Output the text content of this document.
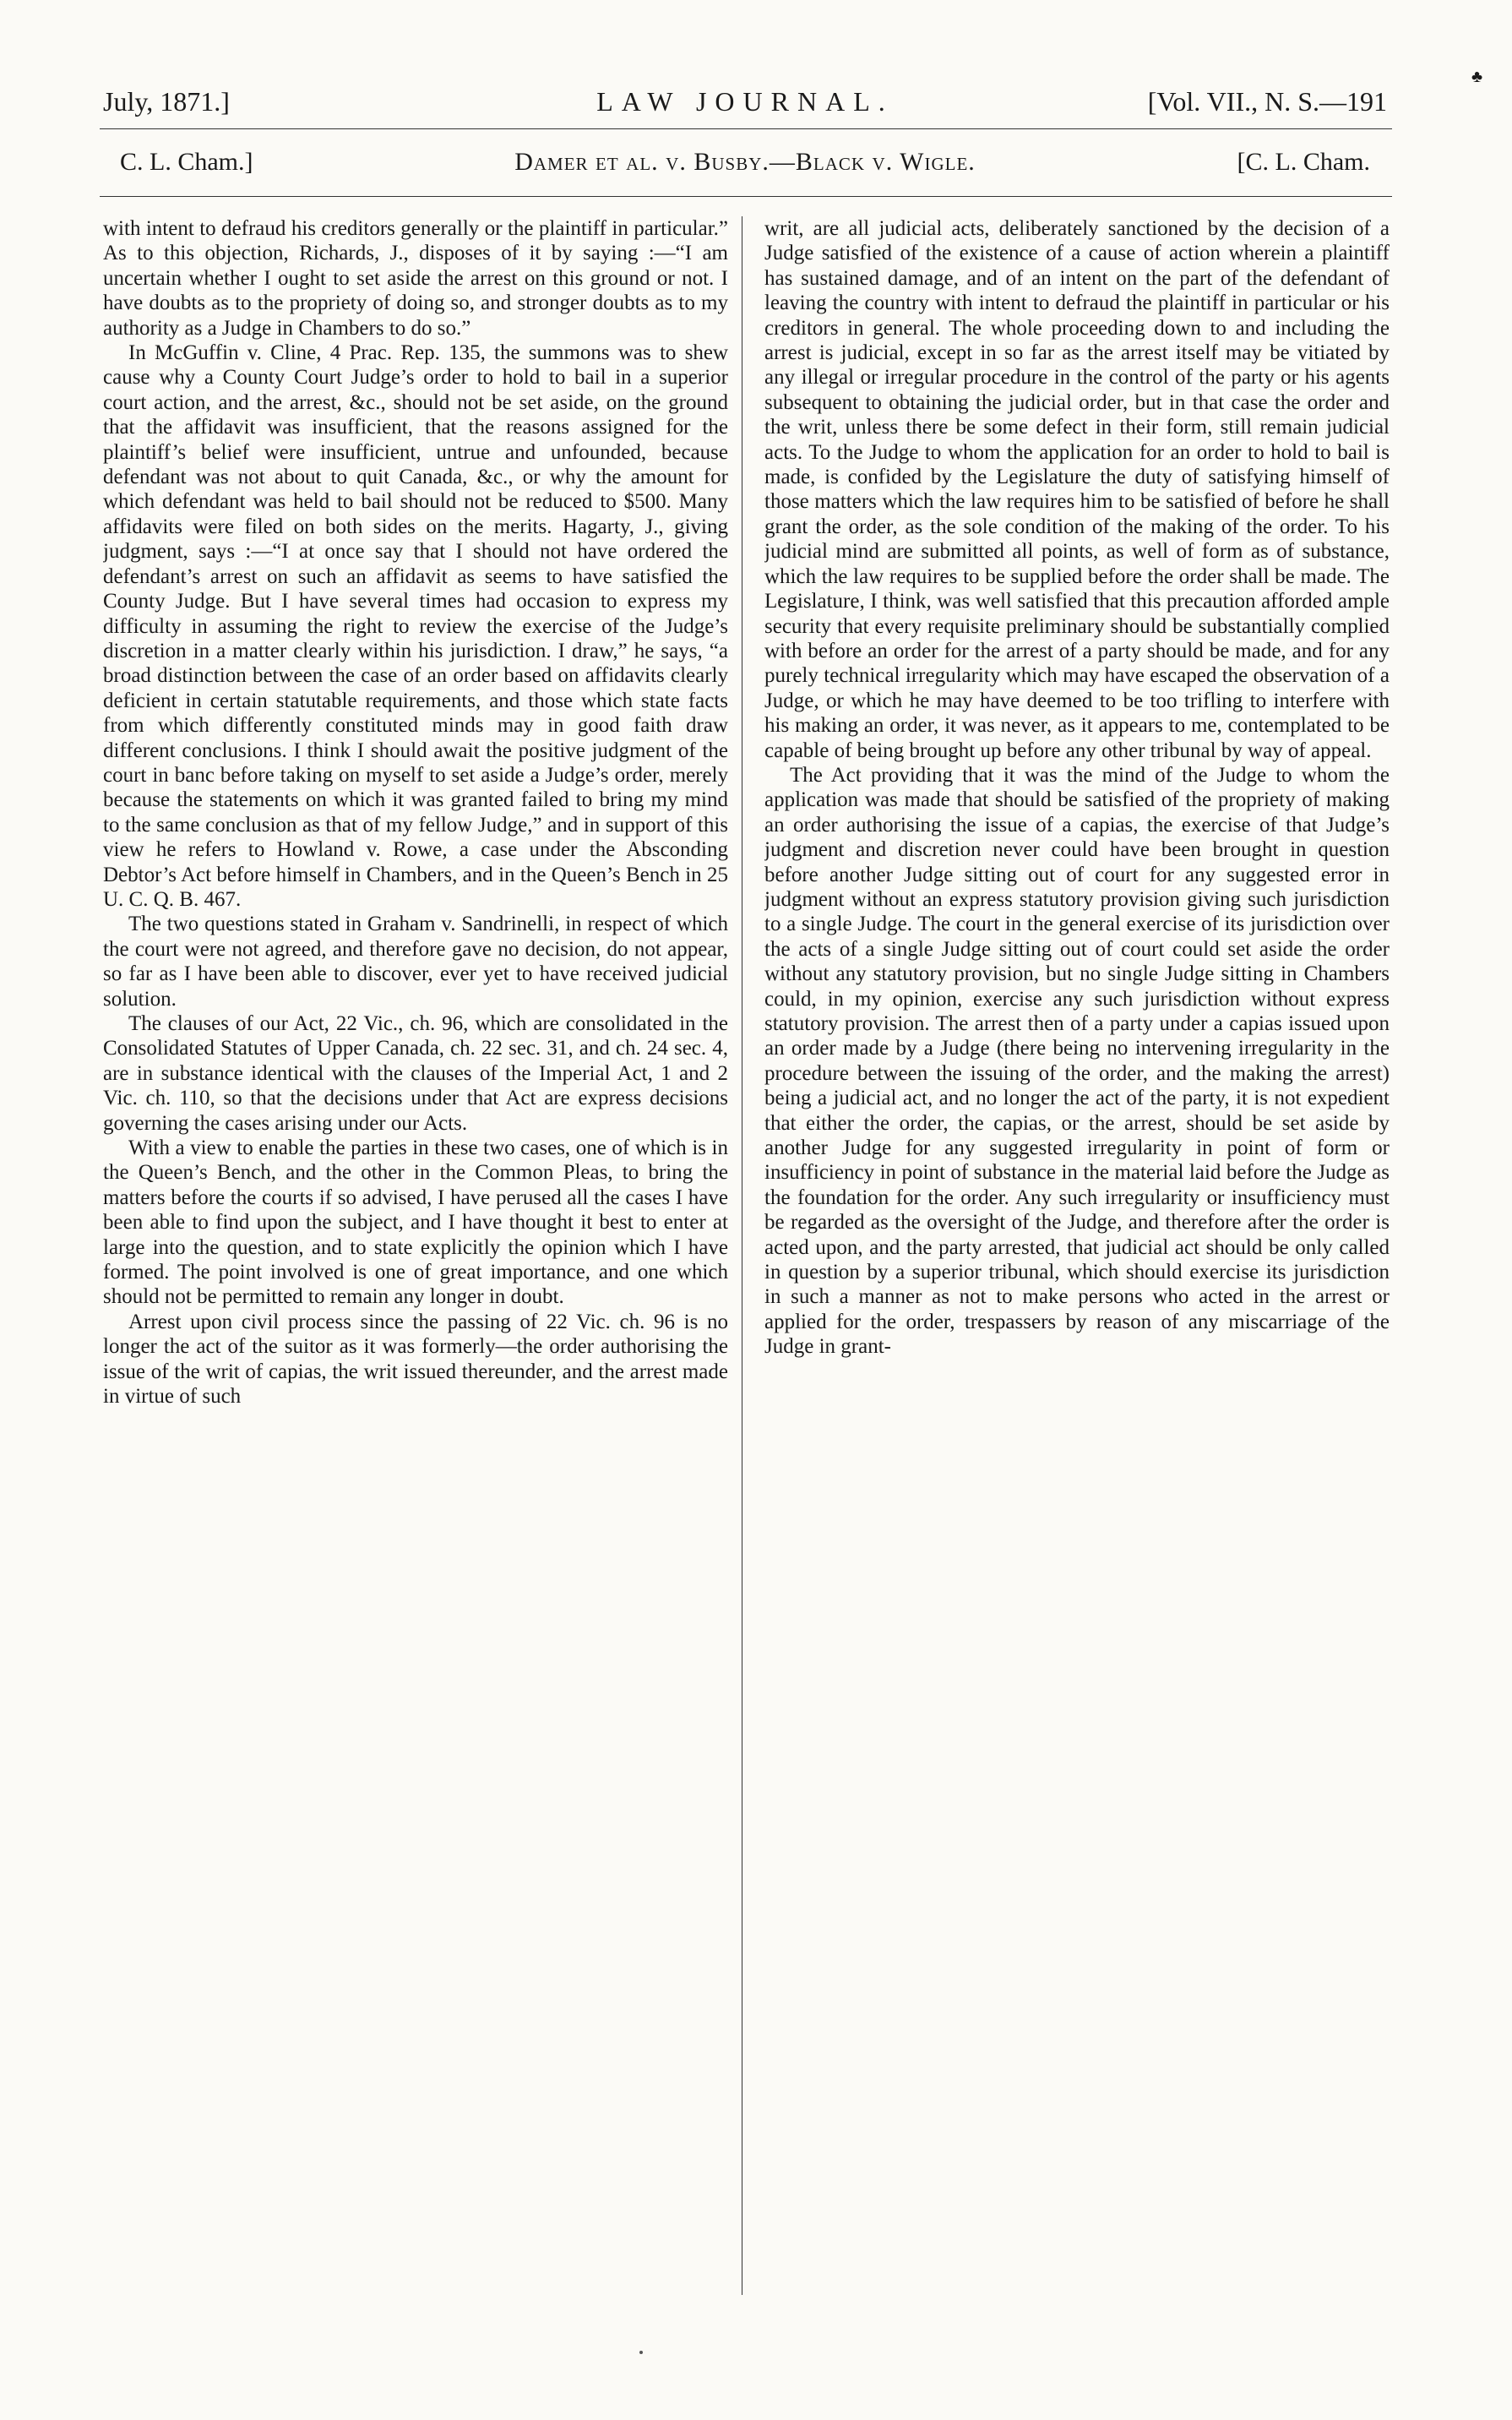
♣
July, 1871.]	LAW JOURNAL.	[Vol. VII., N. S.—191
C. L. Cham.]	Damer et al. v. Busby.—Black v. Wigle.	[C. L. Cham.

with intent to defraud his creditors generally or the plaintiff in particular.” As to this objection, Richards, J., disposes of it by saying :—“I am uncertain whether I ought to set aside the arrest on this ground or not. I have doubts as to the propriety of doing so, and stronger doubts as to my authority as a Judge in Chambers to do so.”

In McGuffin v. Cline, 4 Prac. Rep. 135, the summons was to shew cause why a County Court Judge’s order to hold to bail in a superior court action, and the arrest, &c., should not be set aside, on the ground that the affidavit was insufficient, that the reasons assigned for the plaintiff’s belief were insufficient, untrue and unfounded, because defendant was not about to quit Canada, &c., or why the amount for which defendant was held to bail should not be reduced to $500. Many affidavits were filed on both sides on the merits. Hagarty, J., giving judgment, says :—“I at once say that I should not have ordered the defendant’s arrest on such an affidavit as seems to have satisfied the County Judge. But I have several times had occasion to express my difficulty in assuming the right to review the exercise of the Judge’s discretion in a matter clearly within his jurisdiction. I draw,” he says, “a broad distinction between the case of an order based on affidavits clearly deficient in certain statutable requirements, and those which state facts from which differently constituted minds may in good faith draw different conclusions. I think I should await the positive judgment of the court in banc before taking on myself to set aside a Judge’s order, merely because the statements on which it was granted failed to bring my mind to the same conclusion as that of my fellow Judge,” and in support of this view he refers to Howland v. Rowe, a case under the Absconding Debtor’s Act before himself in Chambers, and in the Queen’s Bench in 25 U. C. Q. B. 467.

The two questions stated in Graham v. Sandrinelli, in respect of which the court were not agreed, and therefore gave no decision, do not appear, so far as I have been able to discover, ever yet to have received judicial solution.

The clauses of our Act, 22 Vic., ch. 96, which are consolidated in the Consolidated Statutes of Upper Canada, ch. 22 sec. 31, and ch. 24 sec. 4, are in substance identical with the clauses of the Imperial Act, 1 and 2 Vic. ch. 110, so that the decisions under that Act are express decisions governing the cases arising under our Acts.

With a view to enable the parties in these two cases, one of which is in the Queen’s Bench, and the other in the Common Pleas, to bring the matters before the courts if so advised, I have perused all the cases I have been able to find upon the subject, and I have thought it best to enter at large into the question, and to state explicitly the opinion which I have formed. The point involved is one of great importance, and one which should not be permitted to remain any longer in doubt.

Arrest upon civil process since the passing of 22 Vic. ch. 96 is no longer the act of the suitor as it was formerly—the order authorising the issue of the writ of capias, the writ issued thereunder, and the arrest made in virtue of such

writ, are all judicial acts, deliberately sanctioned by the decision of a Judge satisfied of the existence of a cause of action wherein a plaintiff has sustained damage, and of an intent on the part of the defendant of leaving the country with intent to defraud the plaintiff in particular or his creditors in general. The whole proceeding down to and including the arrest is judicial, except in so far as the arrest itself may be vitiated by any illegal or irregular procedure in the control of the party or his agents subsequent to obtaining the judicial order, but in that case the order and the writ, unless there be some defect in their form, still remain judicial acts. To the Judge to whom the application for an order to hold to bail is made, is confided by the Legislature the duty of satisfying himself of those matters which the law requires him to be satisfied of before he shall grant the order, as the sole condition of the making of the order. To his judicial mind are submitted all points, as well of form as of substance, which the law requires to be supplied before the order shall be made. The Legislature, I think, was well satisfied that this precaution afforded ample security that every requisite preliminary should be substantially complied with before an order for the arrest of a party should be made, and for any purely technical irregularity which may have escaped the observation of a Judge, or which he may have deemed to be too trifling to interfere with his making an order, it was never, as it appears to me, contemplated to be capable of being brought up before any other tribunal by way of appeal.

The Act providing that it was the mind of the Judge to whom the application was made that should be satisfied of the propriety of making an order authorising the issue of a capias, the exercise of that Judge’s judgment and discretion never could have been brought in question before another Judge sitting out of court for any suggested error in judgment without an express statutory provision giving such jurisdiction to a single Judge. The court in the general exercise of its jurisdiction over the acts of a single Judge sitting out of court could set aside the order without any statutory provision, but no single Judge sitting in Chambers could, in my opinion, exercise any such jurisdiction without express statutory provision. The arrest then of a party under a capias issued upon an order made by a Judge (there being no intervening irregularity in the procedure between the issuing of the order, and the making the arrest) being a judicial act, and no longer the act of the party, it is not expedient that either the order, the capias, or the arrest, should be set aside by another Judge for any suggested irregularity in point of form or insufficiency in point of substance in the material laid before the Judge as the foundation for the order. Any such irregularity or insufficiency must be regarded as the oversight of the Judge, and therefore after the order is acted upon, and the party arrested, that judicial act should be only called in question by a superior tribunal, which should exercise its jurisdiction in such a manner as not to make persons who acted in the arrest or applied for the order, trespassers by reason of any miscarriage of the Judge in grant-
